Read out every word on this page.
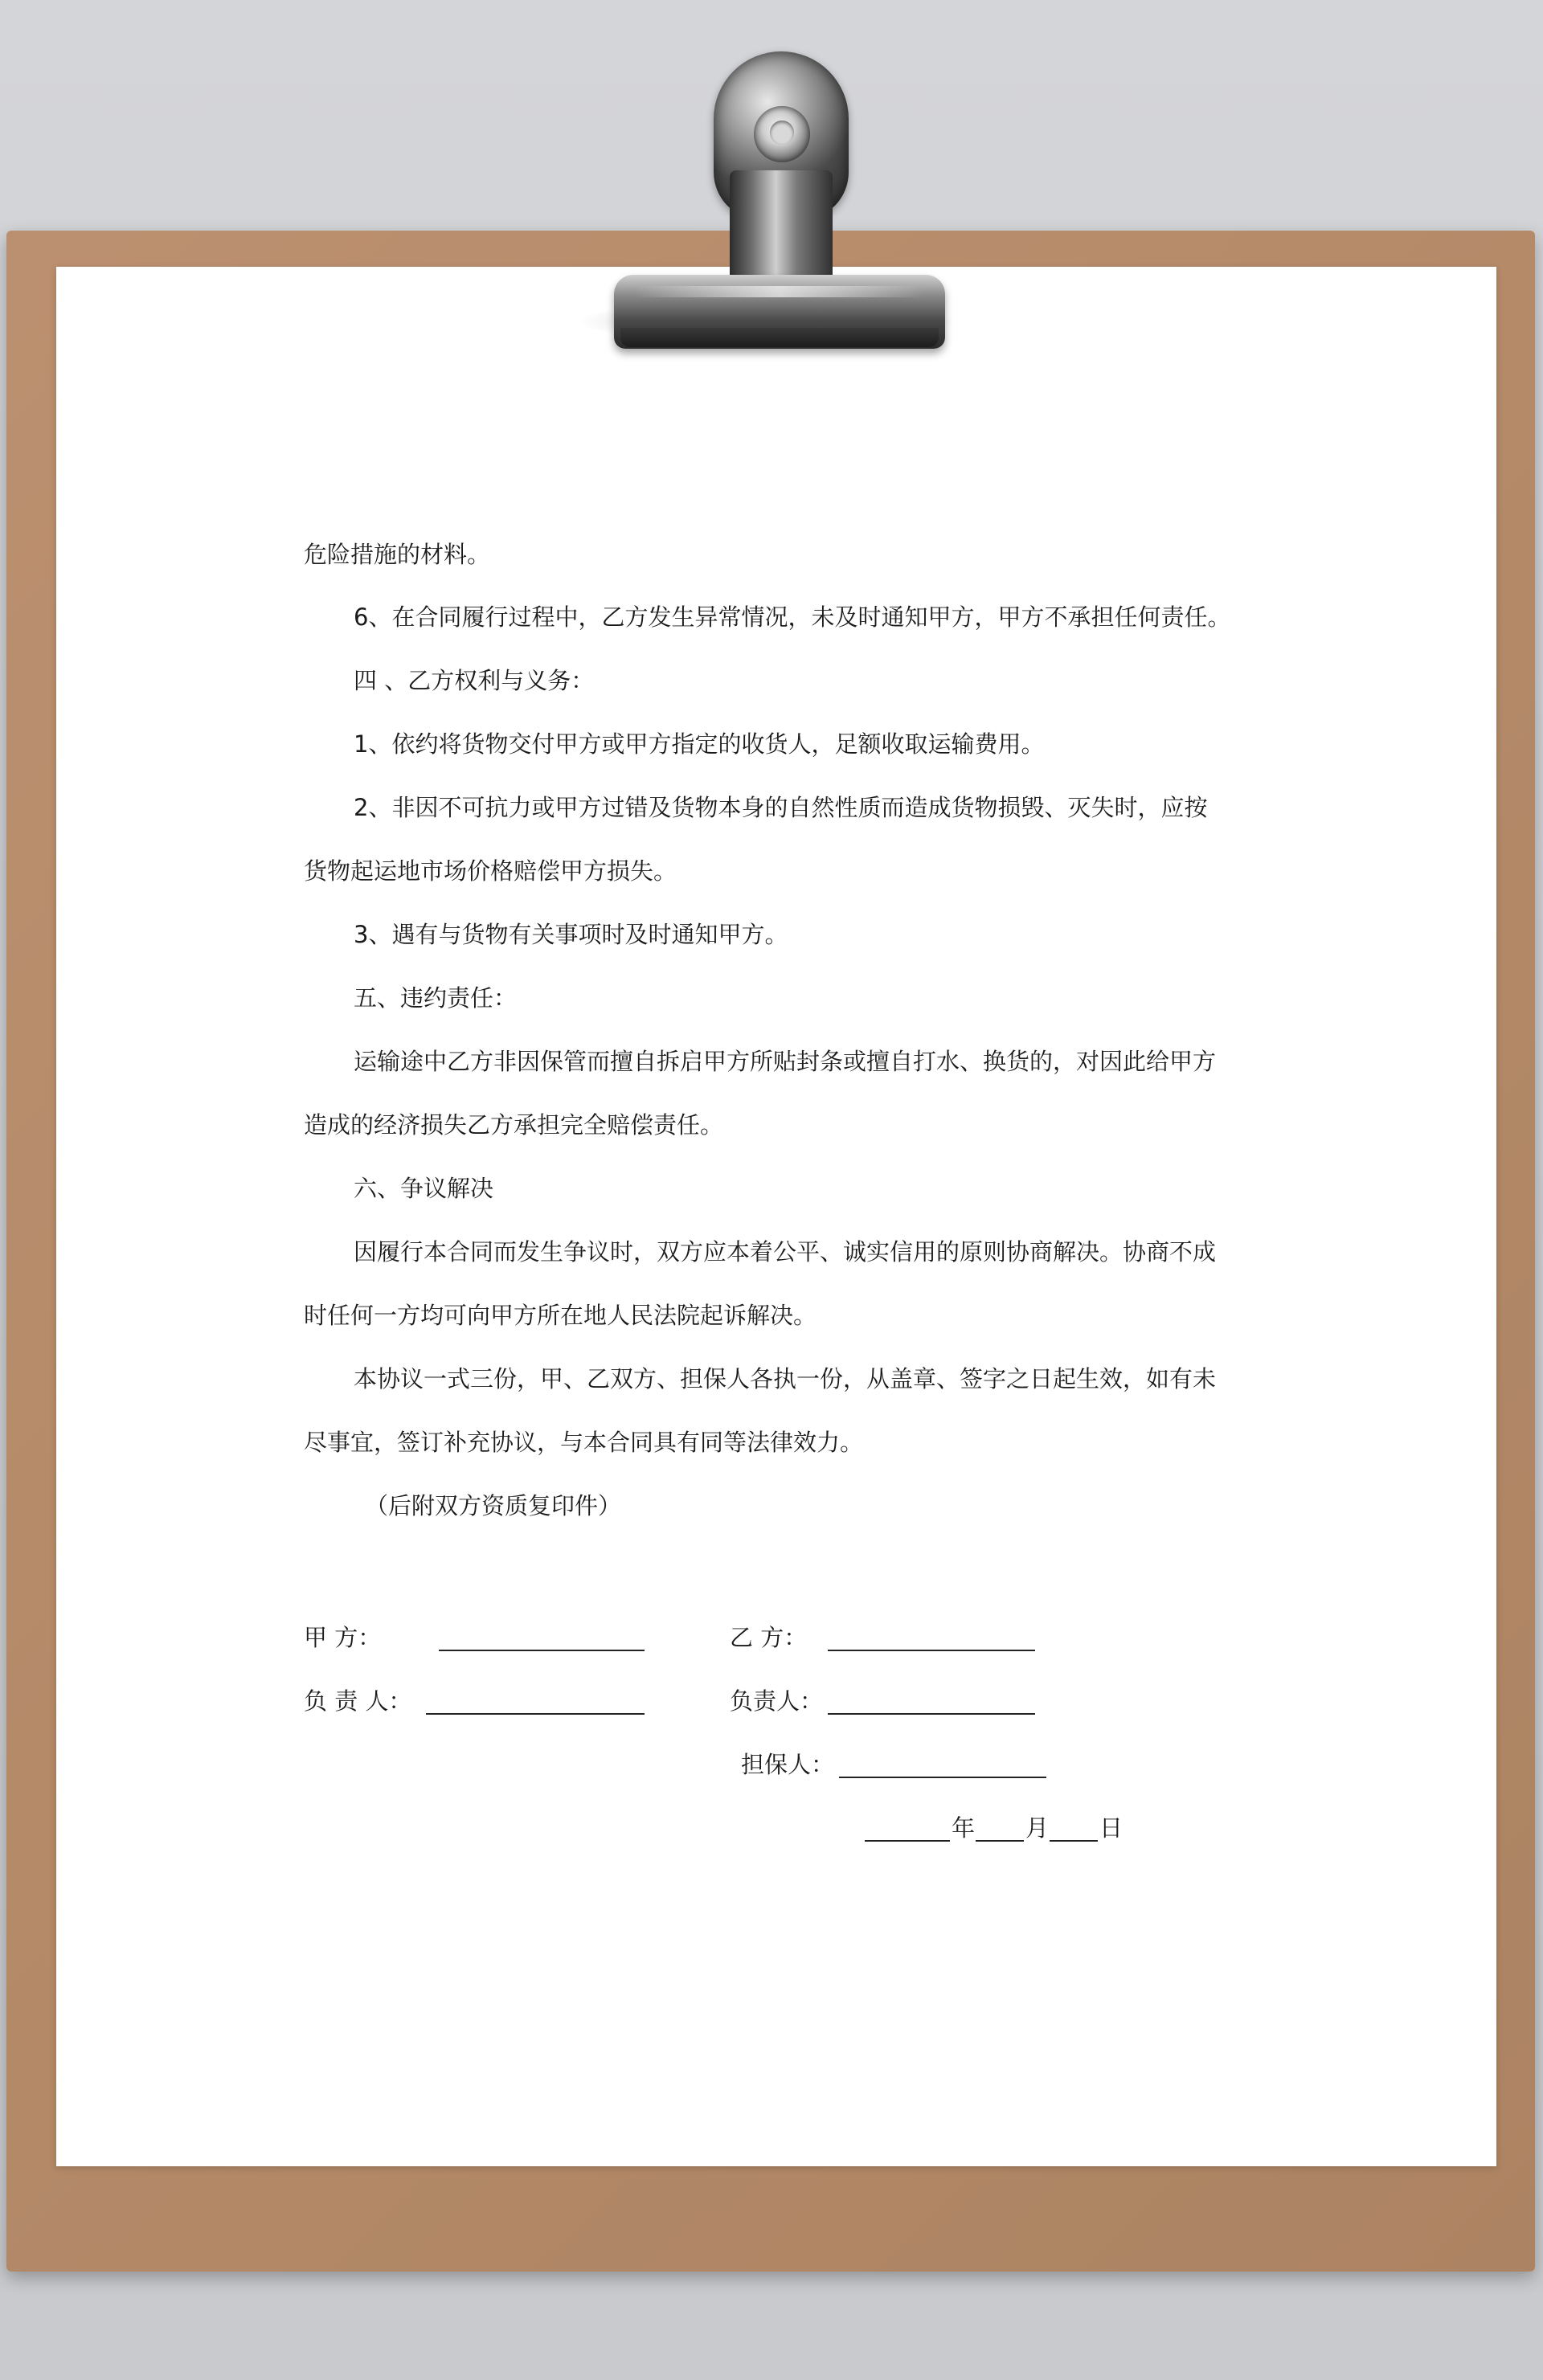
危险措施的材料。
6、在合同履行过程中，乙方发生异常情况，未及时通知甲方，甲方不承担任何责任。
四 、乙方权利与义务：
1、依约将货物交付甲方或甲方指定的收货人，足额收取运输费用。
2、非因不可抗力或甲方过错及货物本身的自然性质而造成货物损毁、灭失时，应按
货物起运地市场价格赔偿甲方损失。
3、遇有与货物有关事项时及时通知甲方。
五、违约责任：
运输途中乙方非因保管而擅自拆启甲方所贴封条或擅自打水、换货的，对因此给甲方
造成的经济损失乙方承担完全赔偿责任。
六、争议解决
因履行本合同而发生争议时，双方应本着公平、诚实信用的原则协商解决。协商不成
时任何一方均可向甲方所在地人民法院起诉解决。
本协议一式三份，甲、乙双方、担保人各执一份，从盖章、签字之日起生效，如有未
尽事宜，签订补充协议，与本合同具有同等法律效力。
（后附双方资质复印件）
甲 方：	乙 方：
负 责 人：	负责人：
担保人：
年 月 日
